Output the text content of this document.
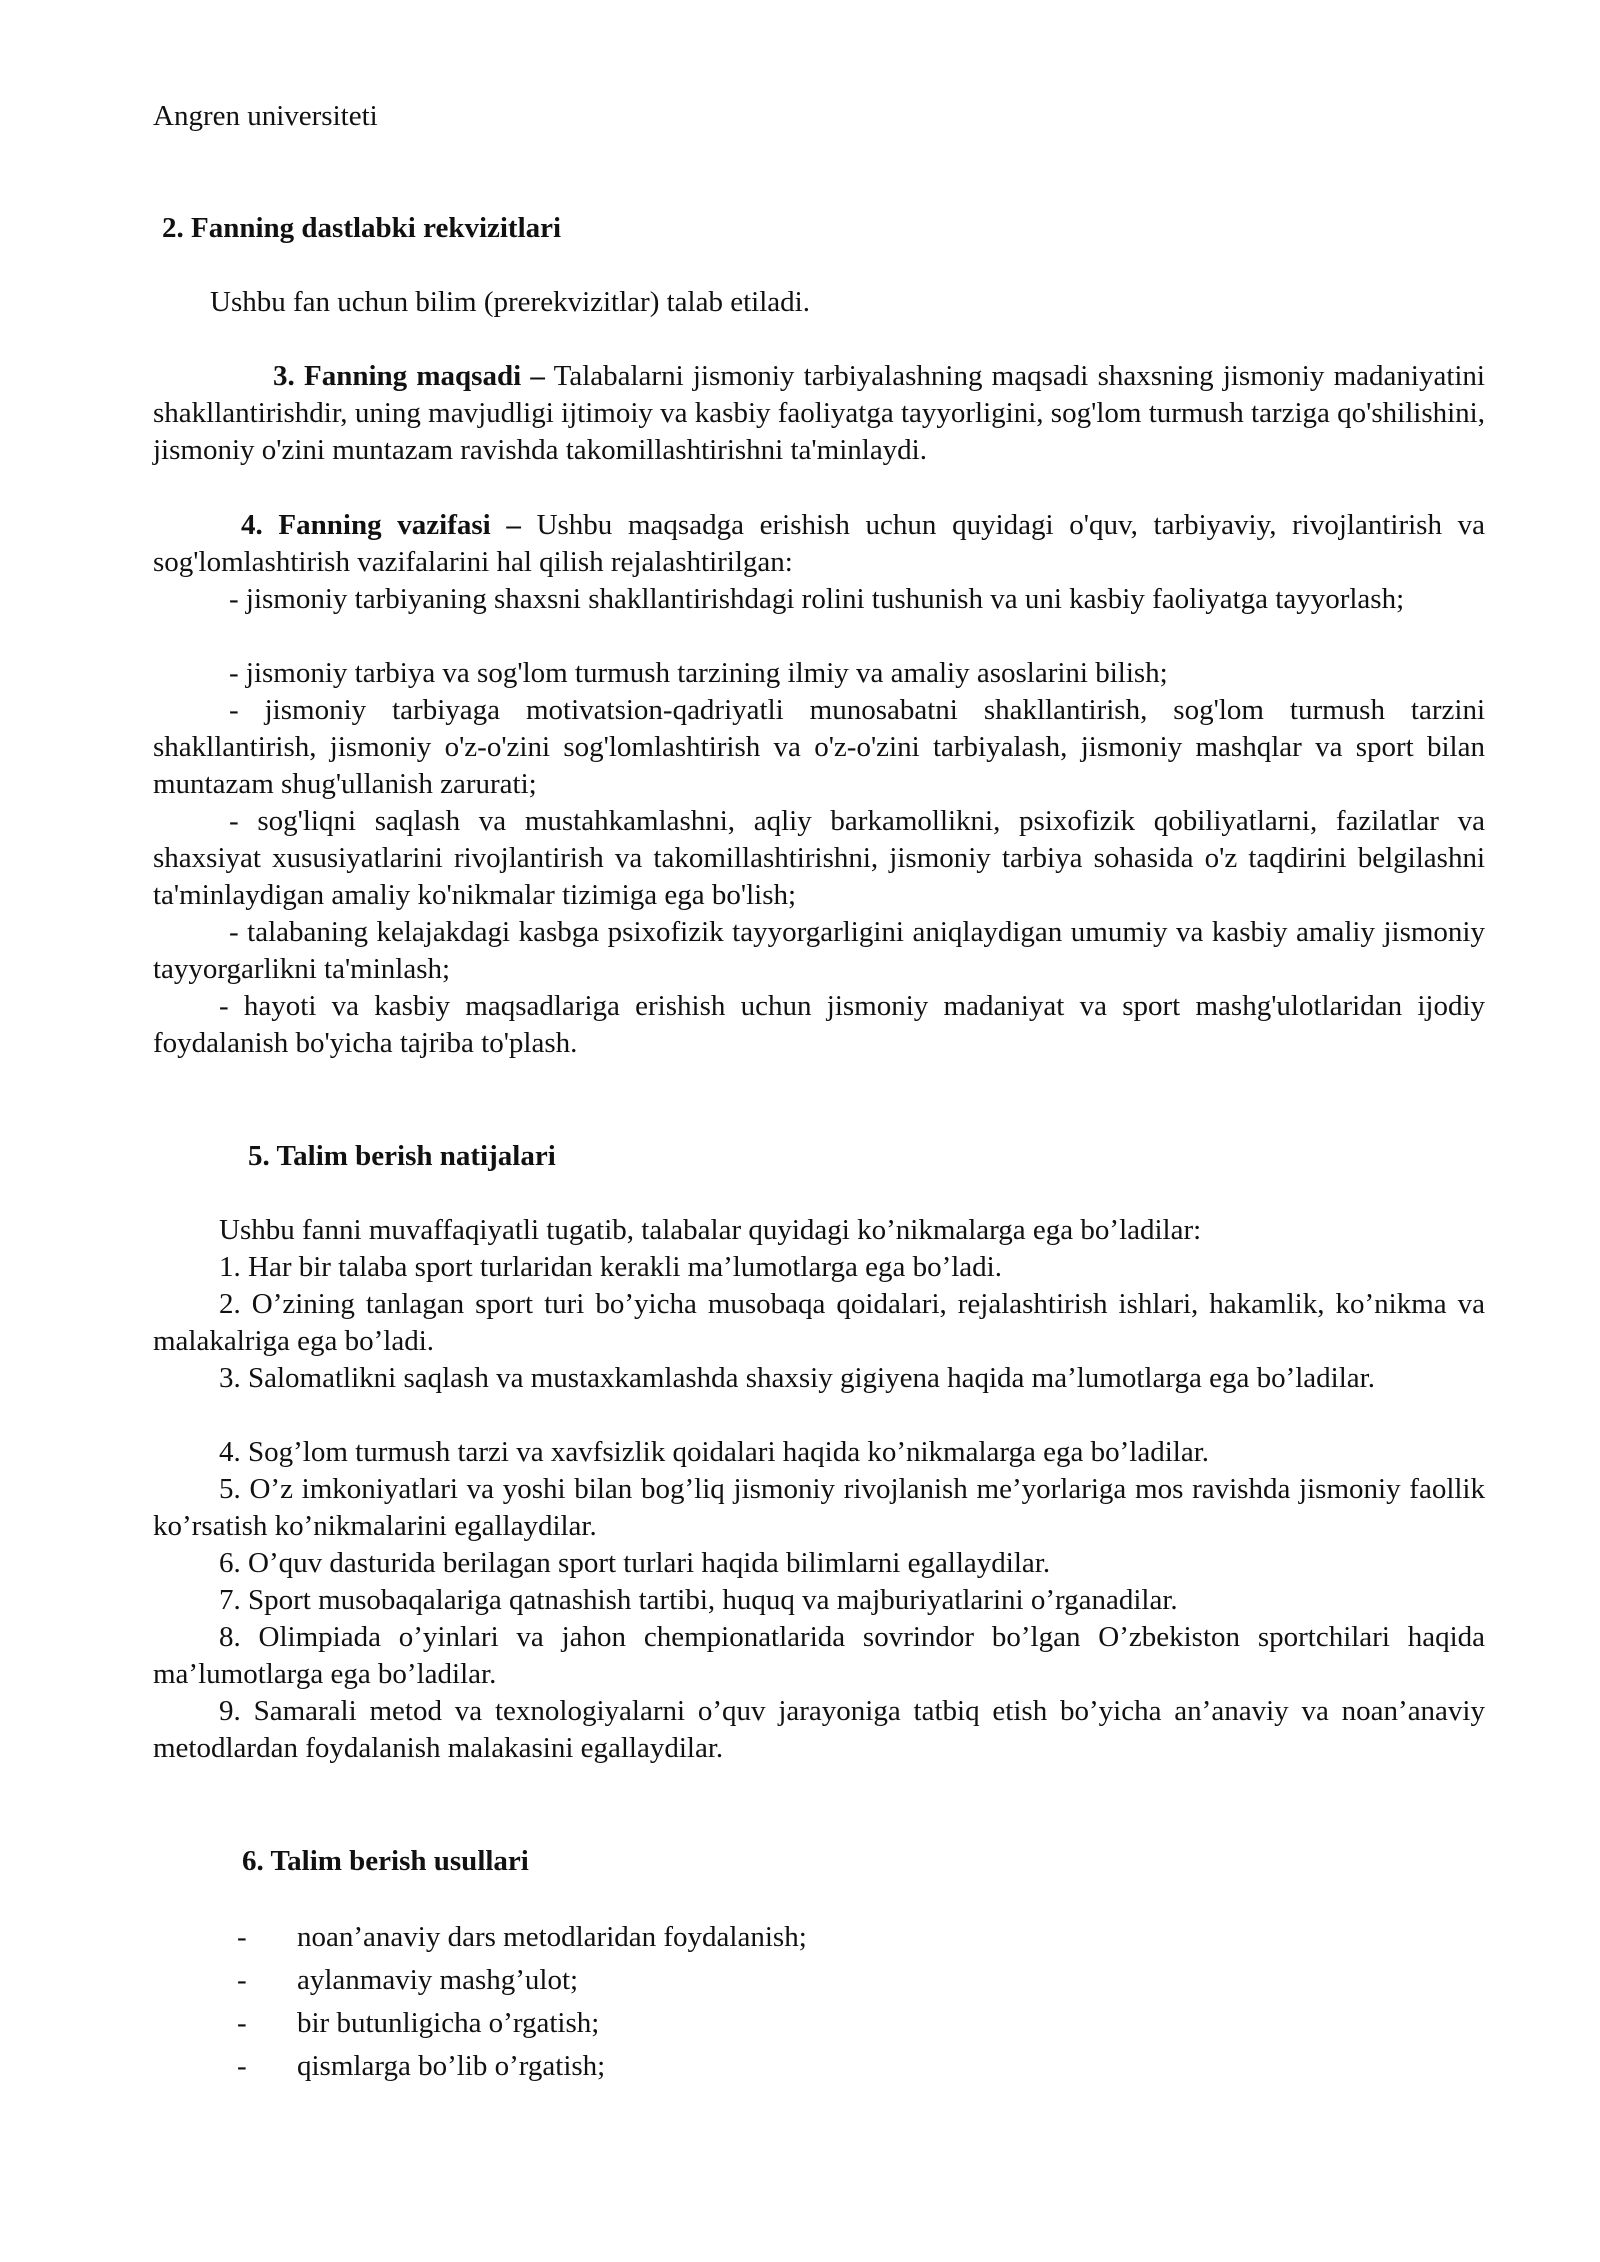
Angren universiteti
2. Fanning dastlabki rekvizitlari
Ushbu fan uchun bilim (prerekvizitlar) talab etiladi.
3. Fanning maqsadi – Talabalarni jismoniy tarbiyalashning maqsadi shaxsning jismoniy madaniyatini shakllantirishdir, uning mavjudligi ijtimoiy va kasbiy faoliyatga tayyorligini, sog'lom turmush tarziga qo'shilishini, jismoniy o'zini muntazam ravishda takomillashtirishni ta'minlaydi.
4. Fanning vazifasi – Ushbu maqsadga erishish uchun quyidagi o'quv, tarbiyaviy, rivojlantirish va sog'lomlashtirish vazifalarini hal qilish rejalashtirilgan:
- jismoniy tarbiyaning shaxsni shakllantirishdagi rolini tushunish va uni kasbiy faoliyatga tayyorlash;
- jismoniy tarbiya va sog'lom turmush tarzining ilmiy va amaliy asoslarini bilish;
- jismoniy tarbiyaga motivatsion-qadriyatli munosabatni shakllantirish, sog'lom turmush tarzini shakllantirish, jismoniy o'z-o'zini sog'lomlashtirish va o'z-o'zini tarbiyalash, jismoniy mashqlar va sport bilan muntazam shug'ullanish zarurati;
- sog'liqni saqlash va mustahkamlashni, aqliy barkamollikni, psixofizik qobiliyatlarni, fazilatlar va shaxsiyat xususiyatlarini rivojlantirish va takomillashtirishni, jismoniy tarbiya sohasida o'z taqdirini belgilashni ta'minlaydigan amaliy ko'nikmalar tizimiga ega bo'lish;
- talabaning kelajakdagi kasbga psixofizik tayyorgarligini aniqlaydigan umumiy va kasbiy amaliy jismoniy tayyorgarlikni ta'minlash;
- hayoti va kasbiy maqsadlariga erishish uchun jismoniy madaniyat va sport mashg'ulotlaridan ijodiy foydalanish bo'yicha tajriba to'plash.
5. Talim berish natijalari
Ushbu fanni muvaffaqiyatli tugatib, talabalar quyidagi ko’nikmalarga ega bo’ladilar:
1. Har bir talaba sport turlaridan kerakli ma’lumotlarga ega bo’ladi.
2. O’zining tanlagan sport turi bo’yicha musobaqa qoidalari, rejalashtirish ishlari, hakamlik, ko’nikma va malakalriga ega bo’ladi.
3. Salomatlikni saqlash va mustaxkamlashda shaxsiy gigiyena haqida ma’lumotlarga ega bo’ladilar.
4. Sog’lom turmush tarzi va xavfsizlik qoidalari haqida ko’nikmalarga ega bo’ladilar.
5. O’z imkoniyatlari va yoshi bilan bog’liq jismoniy rivojlanish me’yorlariga mos ravishda jismoniy faollik ko’rsatish ko’nikmalarini egallaydilar.
6. O’quv dasturida berilagan sport turlari haqida bilimlarni egallaydilar.
7. Sport musobaqalariga qatnashish tartibi, huquq va majburiyatlarini o’rganadilar.
8. Olimpiada o’yinlari va jahon chempionatlarida sovrindor bo’lgan O’zbekiston sportchilari haqida ma’lumotlarga ega bo’ladilar.
9. Samarali metod va texnologiyalarni o’quv jarayoniga tatbiq etish bo’yicha an’anaviy va noan’anaviy metodlardan foydalanish malakasini egallaydilar.
6. Talim berish usullari
- noan’anaviy dars metodlaridan foydalanish;
- aylanmaviy mashg’ulot;
- bir butunligicha o’rgatish;
- qismlarga bo’lib o’rgatish;
